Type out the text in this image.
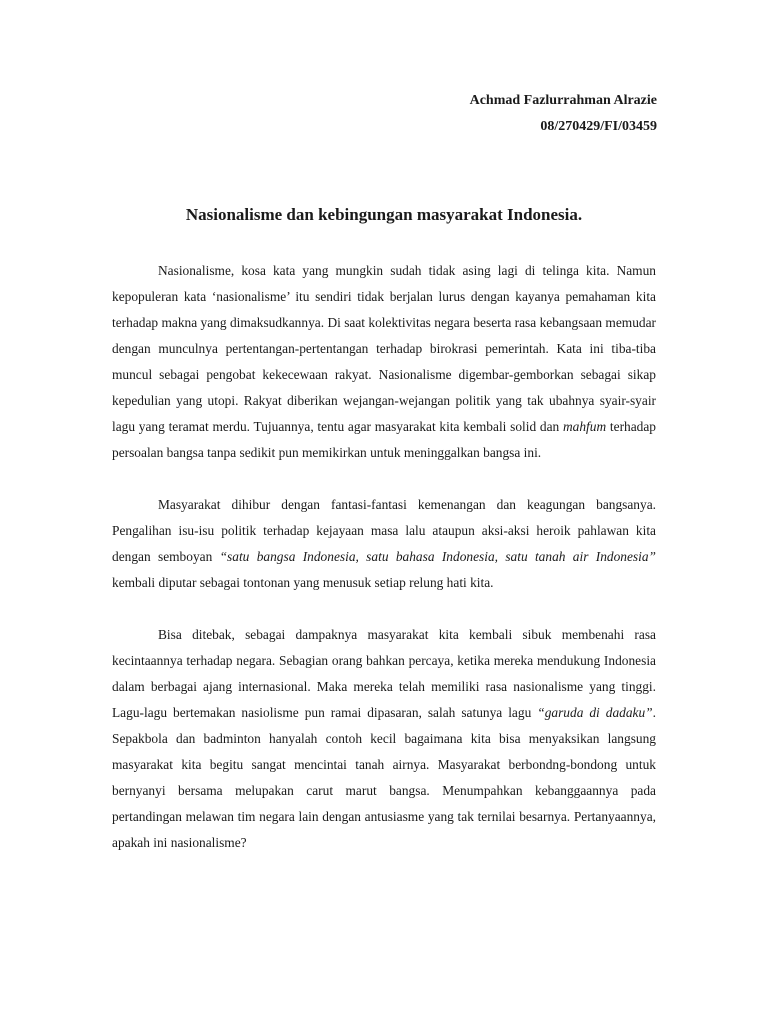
Achmad Fazlurrahman Alrazie
08/270429/FI/03459
Nasionalisme dan kebingungan masyarakat Indonesia.

Nasionalisme, kosa kata yang mungkin sudah tidak asing lagi di telinga kita. Namun kepopuleran kata ‘nasionalisme’ itu sendiri tidak berjalan lurus dengan kayanya pemahaman kita terhadap makna yang dimaksudkannya. Di saat kolektivitas negara beserta rasa kebangsaan memudar dengan munculnya pertentangan-pertentangan terhadap birokrasi pemerintah. Kata ini tiba-tiba muncul sebagai pengobat kekecewaan rakyat. Nasionalisme digembar-gemborkan sebagai sikap kepedulian yang utopi. Rakyat diberikan wejangan-wejangan politik yang tak ubahnya syair-syair lagu yang teramat merdu. Tujuannya, tentu agar masyarakat kita kembali solid dan mahfum terhadap persoalan bangsa tanpa sedikit pun memikirkan untuk meninggalkan bangsa ini.

Masyarakat dihibur dengan fantasi-fantasi kemenangan dan keagungan bangsanya. Pengalihan isu-isu politik terhadap kejayaan masa lalu ataupun aksi-aksi heroik pahlawan kita dengan semboyan “satu bangsa Indonesia, satu bahasa Indonesia, satu tanah air Indonesia” kembali diputar sebagai tontonan yang menusuk setiap relung hati kita.

Bisa ditebak, sebagai dampaknya masyarakat kita kembali sibuk membenahi rasa kecintaannya terhadap negara. Sebagian orang bahkan percaya, ketika mereka mendukung Indonesia dalam berbagai ajang internasional. Maka mereka telah memiliki rasa nasionalisme yang tinggi. Lagu-lagu bertemakan nasiolisme pun ramai dipasaran, salah satunya lagu “garuda di dadaku”. Sepakbola dan badminton hanyalah contoh kecil bagaimana kita bisa menyaksikan langsung masyarakat kita begitu sangat mencintai tanah airnya. Masyarakat berbondng-bondong untuk bernyanyi bersama melupakan carut marut bangsa. Menumpahkan kebanggaannya pada pertandingan melawan tim negara lain dengan antusiasme yang tak ternilai besarnya. Pertanyaannya, apakah ini nasionalisme?
